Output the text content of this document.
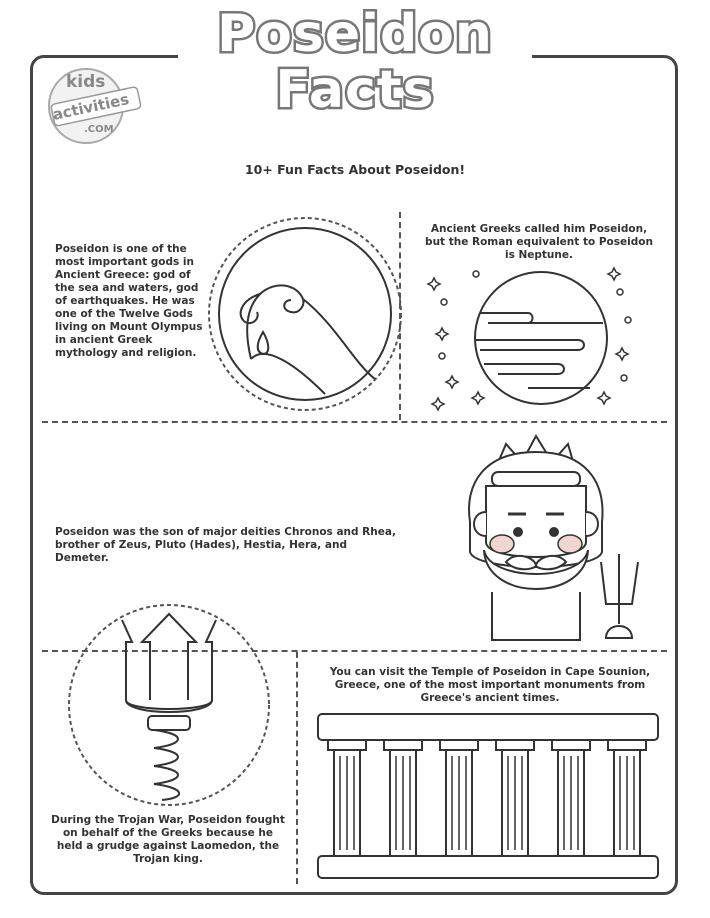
Poseidon
Facts
kids
activities
.COM
10+ Fun Facts About Poseidon!
Poseidon is one of the most important gods in Ancient Greece: god of the sea and waters, god of earthquakes. He was one of the Twelve Gods living on Mount Olympus in ancient Greek mythology and religion.
Ancient Greeks called him Poseidon, but the Roman equivalent to Poseidon is Neptune.
Poseidon was the son of major deities Chronos and Rhea, brother of Zeus, Pluto (Hades), Hestia, Hera, and Demeter.
During the Trojan War, Poseidon fought on behalf of the Greeks because he held a grudge against Laomedon, the Trojan king.
You can visit the Temple of Poseidon in Cape Sounion, Greece, one of the most important monuments from Greece's ancient times.
